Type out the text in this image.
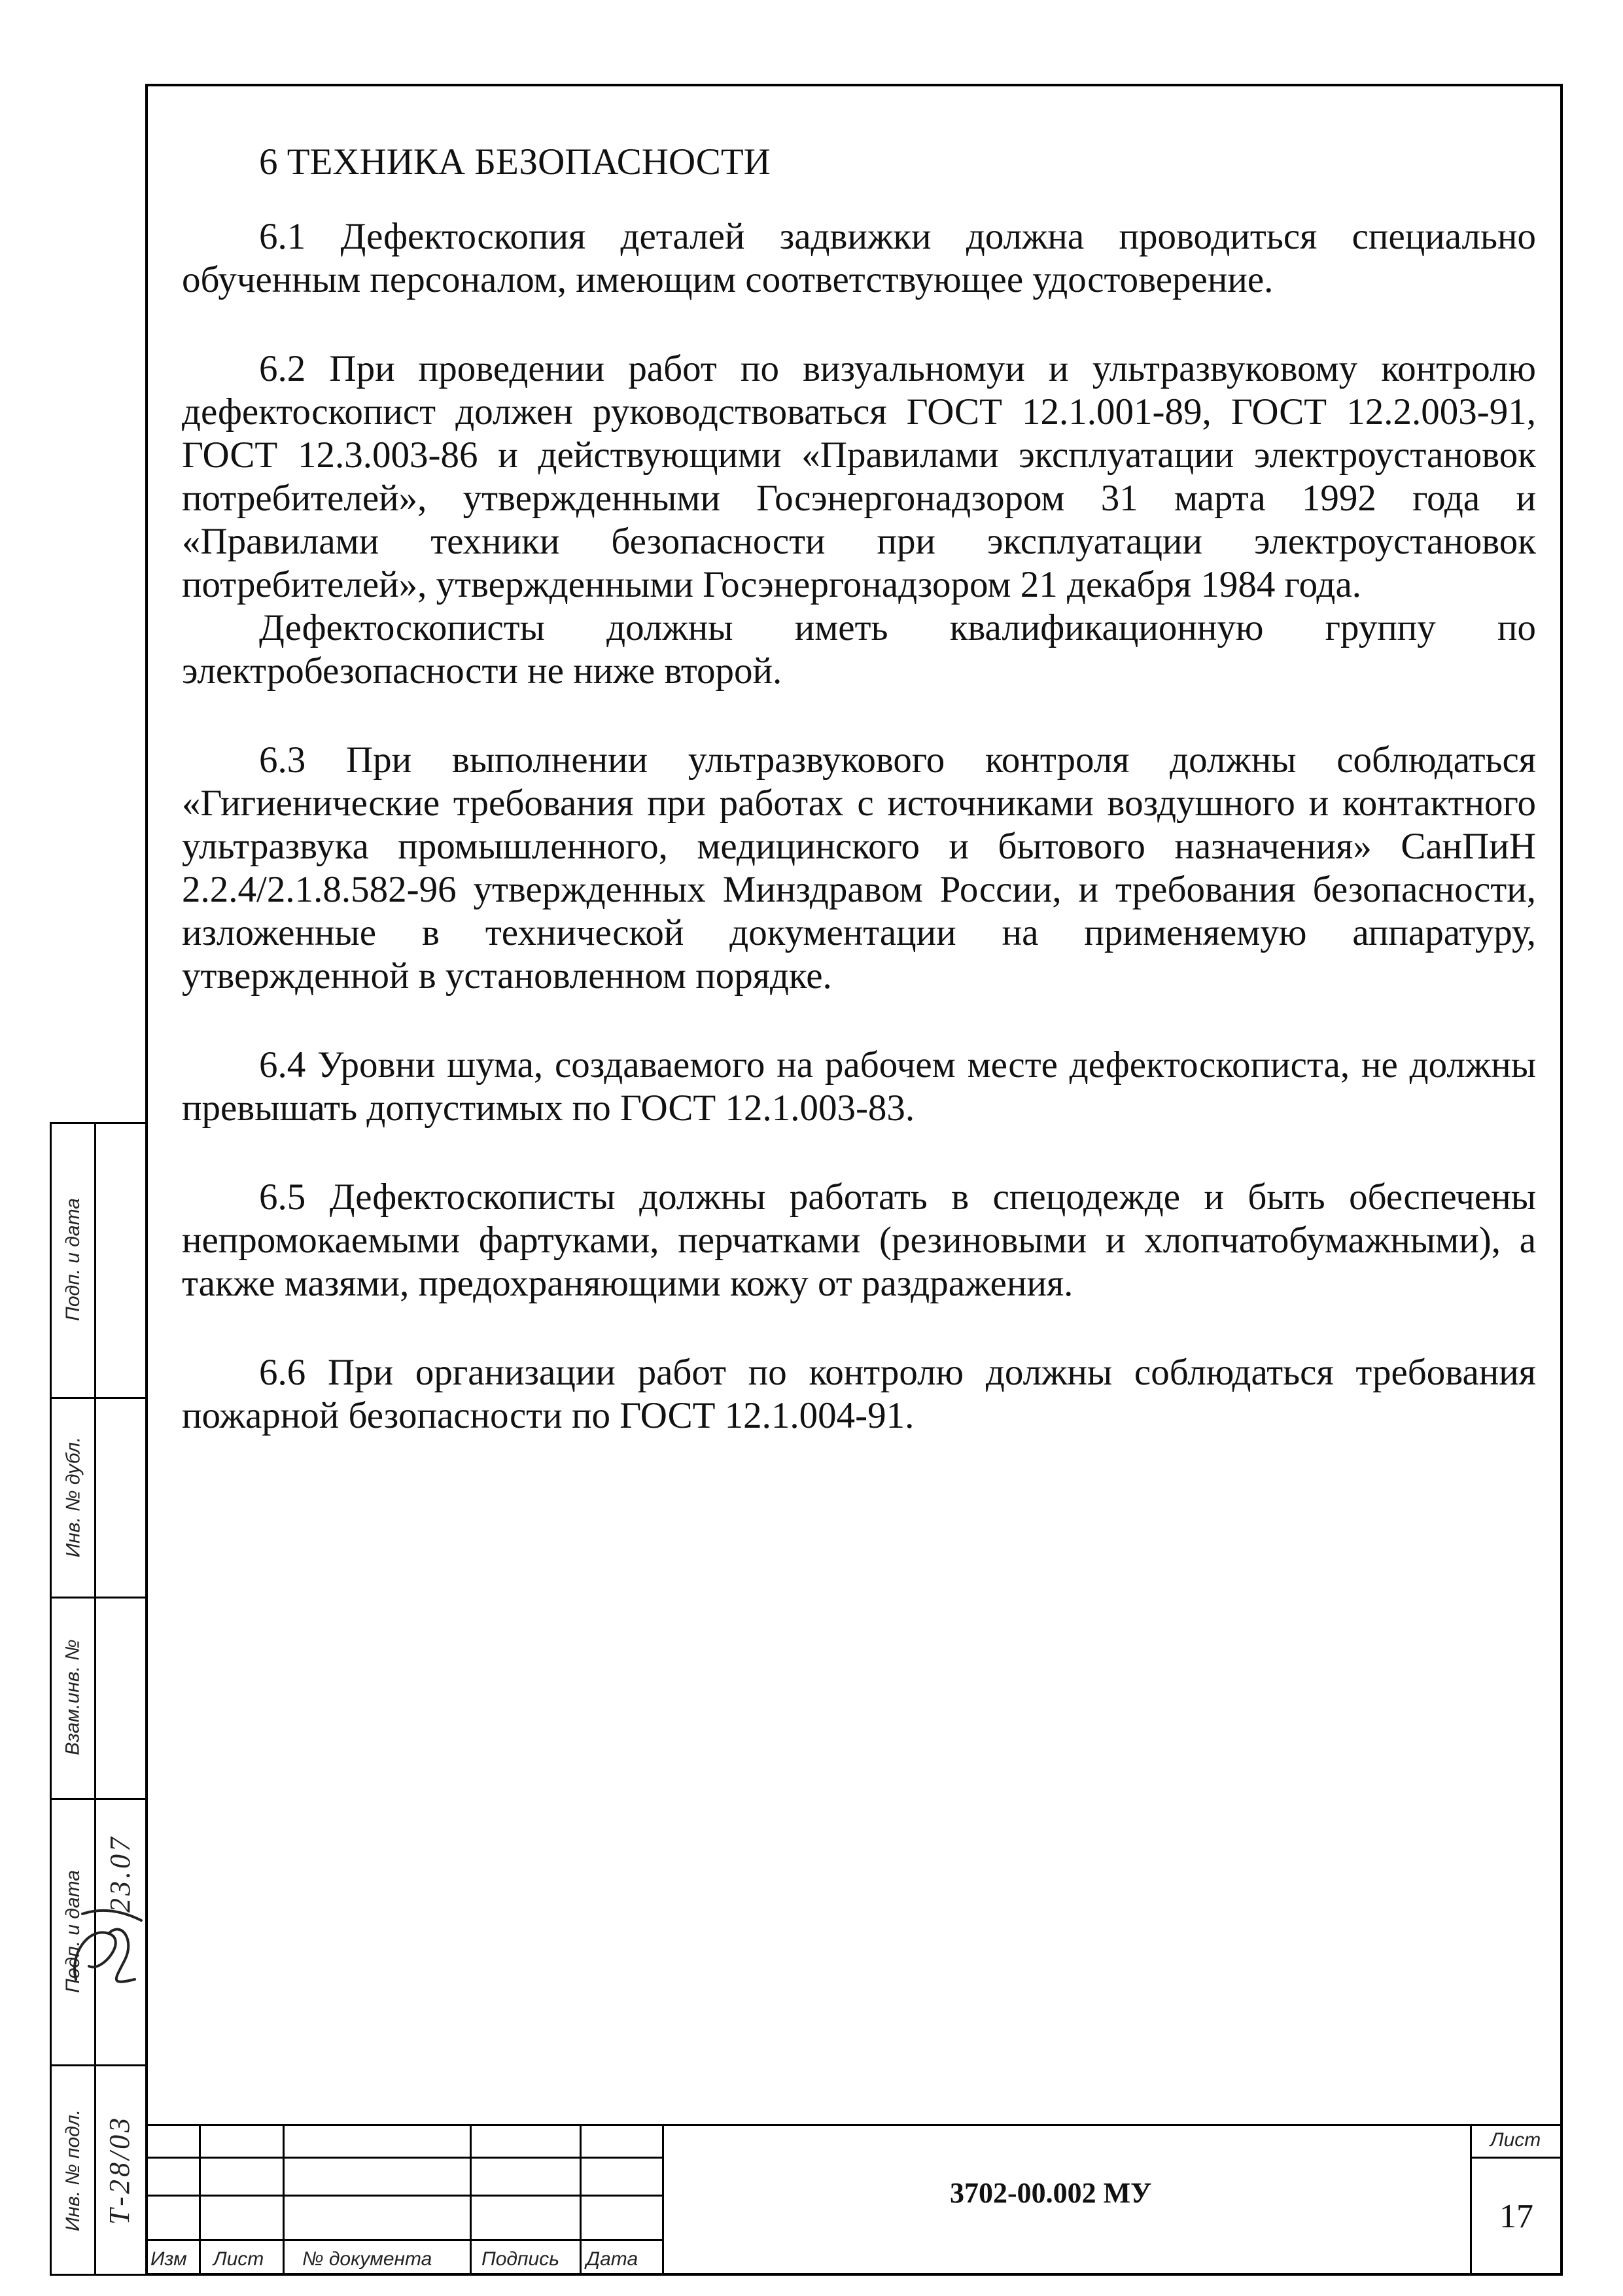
6 ТЕХНИКА БЕЗОПАСНОСТИ

6.1 Дефектоскопия деталей задвижки должна проводиться специально обученным персоналом, имеющим соответствующее удостоверение.

6.2 При проведении работ по визуальномуи и ультразвуковому контролю дефектоскопист должен руководствоваться ГОСТ 12.1.001-89, ГОСТ 12.2.003-91, ГОСТ 12.3.003-86 и действующими «Правилами эксплуатации электроустановок потребителей», утвержденными Госэнергонадзором 31 марта 1992 года и «Правилами техники безопасности при эксплуатации электроустановок потребителей», утвержденными Госэнергонадзором 21 декабря 1984 года.

Дефектоскописты должны иметь квалификационную группу по электробезопасности не ниже второй.

6.3 При выполнении ультразвукового контроля должны соблюдаться «Гигиенические требования при работах с источниками воздушного и контактного ультразвука промышленного, медицинского и бытового назначения» СанПиН 2.2.4/2.1.8.582-96 утвержденных Минздравом России, и требования безопасности, изложенные в технической документации на применяемую аппаратуру, утвержденной в установленном порядке.

6.4 Уровни шума, создаваемого на рабочем месте дефектоскописта, не должны превышать допустимых по ГОСТ 12.1.003-83.

6.5 Дефектоскописты должны работать в спецодежде и быть обеспечены непромокаемыми фартуками, перчатками (резиновыми и хлопчатобумажными), а также мазями, предохраняющими кожу от раздражения.

6.6 При организации работ по контролю должны соблюдаться требования пожарной безопасности по ГОСТ 12.1.004-91.

Подп. и дата
Инв. № дубл.
Взам.инв. №
Подп. и дата
Инв. № подл.
23.07
Т-28/03
Изм Лист № документа	Подпись Дата
3702-00.002 МУ
Лист
17
